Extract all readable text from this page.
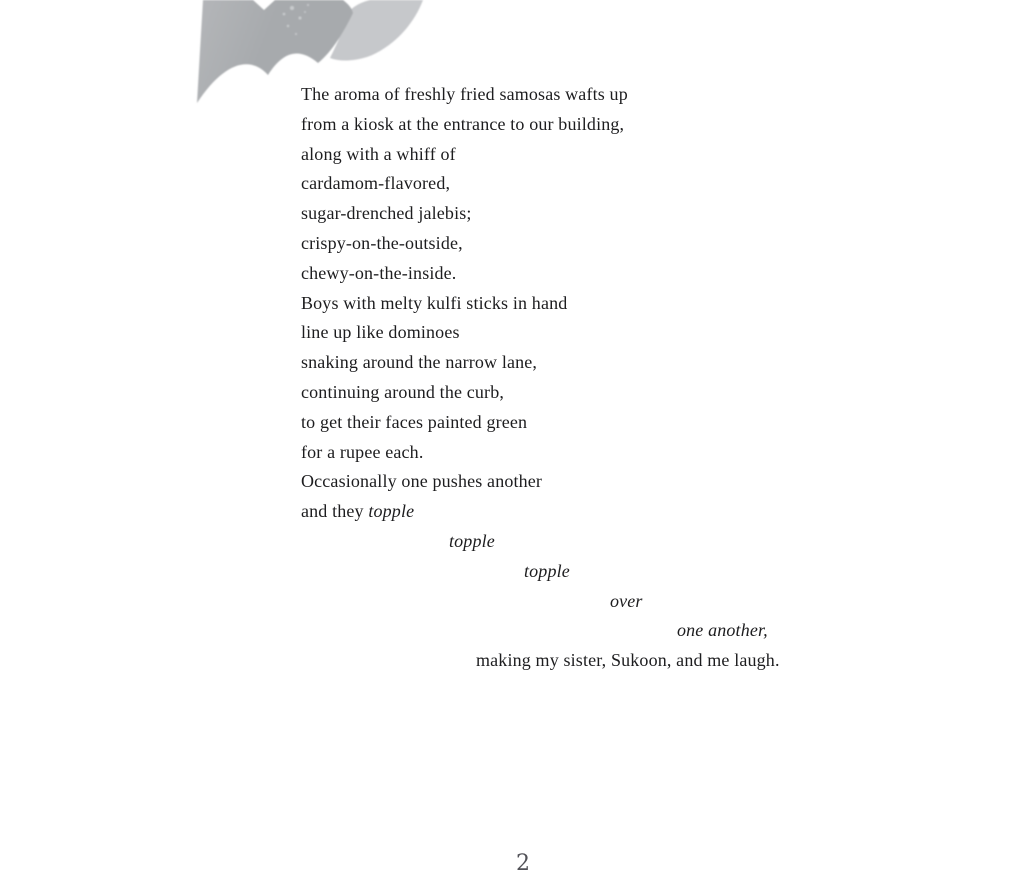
The aroma of freshly fried samosas wafts up
from a kiosk at the entrance to our building,
along with a whiff of
cardamom-flavored,
sugar-drenched jalebis;
crispy-on-the-outside,
chewy-on-the-inside.
Boys with melty kulfi sticks in hand
line up like dominoes
snaking around the narrow lane,
continuing around the curb,
to get their faces painted green
for a rupee each.
Occasionally one pushes another
and they topple
topple
topple
over
one another,
making my sister, Sukoon, and me laugh.
2
